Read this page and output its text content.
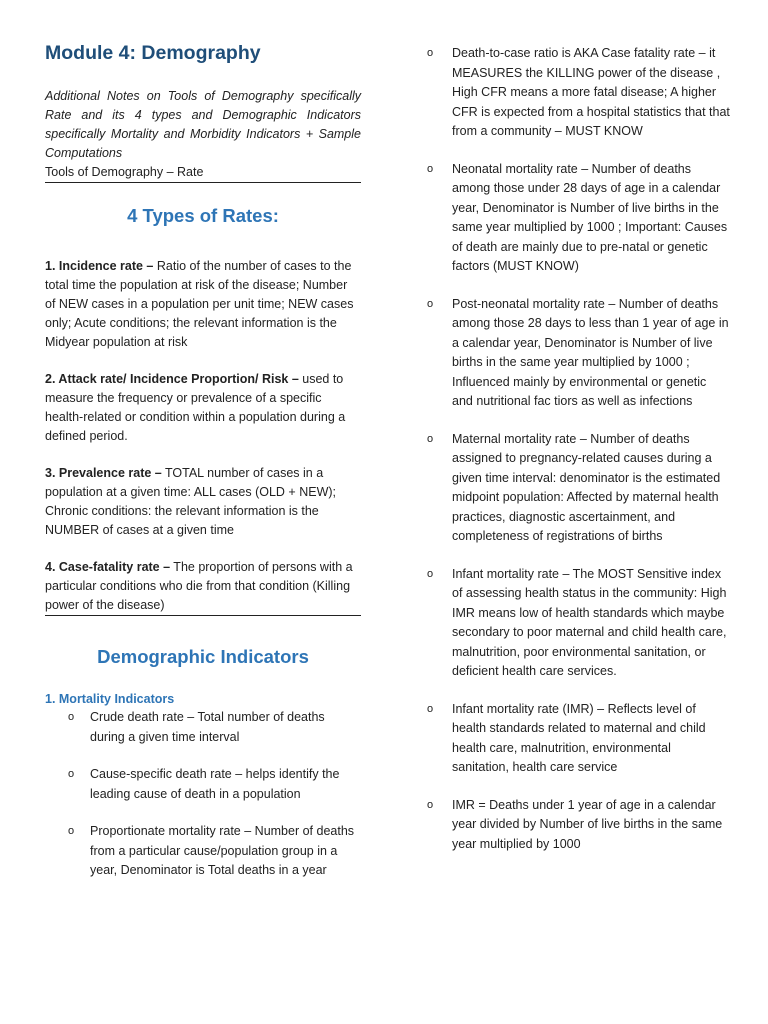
Module 4: Demography

Additional Notes on Tools of Demography specifically Rate and its 4 types and Demographic Indicators specifically Mortality and Morbidity Indicators + Sample Computations

Tools of Demography – Rate

4 Types of Rates:

1. Incidence rate – Ratio of the number of cases to the total time the population at risk of the disease; Number of NEW cases in a population per unit time; NEW cases only; Acute conditions; the relevant information is the Midyear population at risk

2. Attack rate/ Incidence Proportion/ Risk – used to measure the frequency or prevalence of a specific health-related or condition within a population during a defined period.

3. Prevalence rate – TOTAL number of cases in a population at a given time: ALL cases (OLD + NEW); Chronic conditions: the relevant information is the NUMBER of cases at a given time

4. Case-fatality rate – The proportion of persons with a particular conditions who die from that condition (Killing power of the disease)

Demographic Indicators
1. Mortality Indicators
o Crude death rate – Total number of deaths during a given time interval
o Cause-specific death rate – helps identify the leading cause of death in a population
o Proportionate mortality rate – Number of deaths from a particular cause/population group in a year, Denominator is Total deaths in a year
o Death-to-case ratio is AKA Case fatality rate – it MEASURES the KILLING power of the disease , High CFR means a more fatal disease; A higher CFR is expected from a hospital statistics that that from a community – MUST KNOW
o Neonatal mortality rate – Number of deaths among those under 28 days of age in a calendar year, Denominator is Number of live births in the same year multiplied by 1000 ; Important: Causes of death are mainly due to pre-natal or genetic factors (MUST KNOW)
o Post-neonatal mortality rate – Number of deaths among those 28 days to less than 1 year of age in a calendar year, Denominator is Number of live births in the same year multiplied by 1000 ; Influenced mainly by environmental or genetic and nutritional fac tiors as well as infections
o Maternal mortality rate – Number of deaths assigned to pregnancy-related causes during a given time interval: denominator is the estimated midpoint population: Affected by maternal health practices, diagnostic ascertainment, and completeness of registrations of births
o Infant mortality rate – The MOST Sensitive index of assessing health status in the community: High IMR means low of health standards which maybe secondary to poor maternal and child health care, malnutrition, poor environmental sanitation, or deficient health care services.
o Infant mortality rate (IMR) – Reflects level of health standards related to maternal and child health care, malnutrition, environmental sanitation, health care service
o IMR = Deaths under 1 year of age in a calendar year divided by Number of live births in the same year multiplied by 1000
